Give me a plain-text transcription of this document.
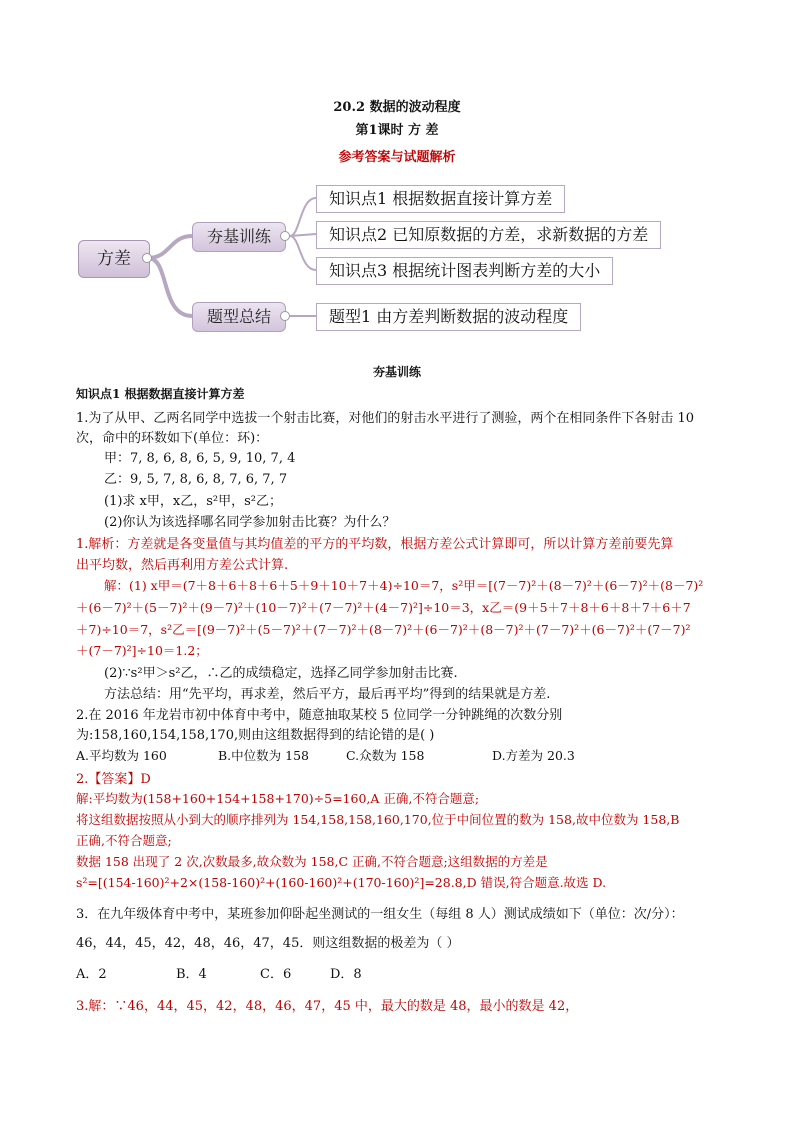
20.2 数据的波动程度
第1课时 方 差
参考答案与试题解析
方差
夯基训练
题型总结
知识点1 根据数据直接计算方差
知识点2 已知原数据的方差，求新数据的方差
知识点3 根据统计图表判断方差的大小
题型1 由方差判断数据的波动程度
夯基训练
知识点1 根据数据直接计算方差
1.为了从甲、乙两名同学中选拔一个射击比赛，对他们的射击水平进行了测验，两个在相同条件下各射击 10
次，命中的环数如下(单位：环)：
甲：7, 8, 6, 8, 6, 5, 9, 10, 7, 4
乙：9, 5, 7, 8, 6, 8, 7, 6, 7, 7
(1)求 x甲，x乙，s²甲，s²乙；
(2)你认为该选择哪名同学参加射击比赛？为什么？
1.解析：方差就是各变量值与其均值差的平方的平均数，根据方差公式计算即可，所以计算方差前要先算
出平均数，然后再利用方差公式计算.
解：(1) x甲＝(7＋8＋6＋8＋6＋5＋9＋10＋7＋4)÷10＝7，s²甲＝[(7－7)²＋(8－7)²＋(6－7)²＋(8－7)²
＋(6－7)²＋(5－7)²＋(9－7)²＋(10－7)²＋(7－7)²＋(4－7)²]÷10＝3，x乙＝(9＋5＋7＋8＋6＋8＋7＋6＋7
＋7)÷10＝7，s²乙＝[(9－7)²＋(5－7)²＋(7－7)²＋(8－7)²＋(6－7)²＋(8－7)²＋(7－7)²＋(6－7)²＋(7－7)²
＋(7－7)²]÷10＝1.2；
(2)∵s²甲＞s²乙，∴乙的成绩稳定，选择乙同学参加射击比赛.
方法总结：用“先平均，再求差，然后平方，最后再平均”得到的结果就是方差.
2.在 2016 年龙岩市初中体育中考中，随意抽取某校 5 位同学一分钟跳绳的次数分别
为:158,160,154,158,170,则由这组数据得到的结论错的是( )
A.平均数为 160	B.中位数为 158	C.众数为 158	D.方差为 20.3
2.【答案】D
解:平均数为(158+160+154+158+170)÷5=160,A 正确,不符合题意;
将这组数据按照从小到大的顺序排列为 154,158,158,160,170,位于中间位置的数为 158,故中位数为 158,B
正确,不符合题意;
数据 158 出现了 2 次,次数最多,故众数为 158,C 正确,不符合题意;这组数据的方差是
s²=[(154-160)²+2×(158-160)²+(160-160)²+(170-160)²]=28.8,D 错误,符合题意.故选 D.
3．在九年级体育中考中，某班参加仰卧起坐测试的一组女生（每组 8 人）测试成绩如下（单位：次/分）：
46，44，45，42，48，46，47，45．则这组数据的极差为（ ）
A．2	B．4	C．6	D．8
3.解：∵46，44，45，42，48，46，47，45 中，最大的数是 48，最小的数是 42，
